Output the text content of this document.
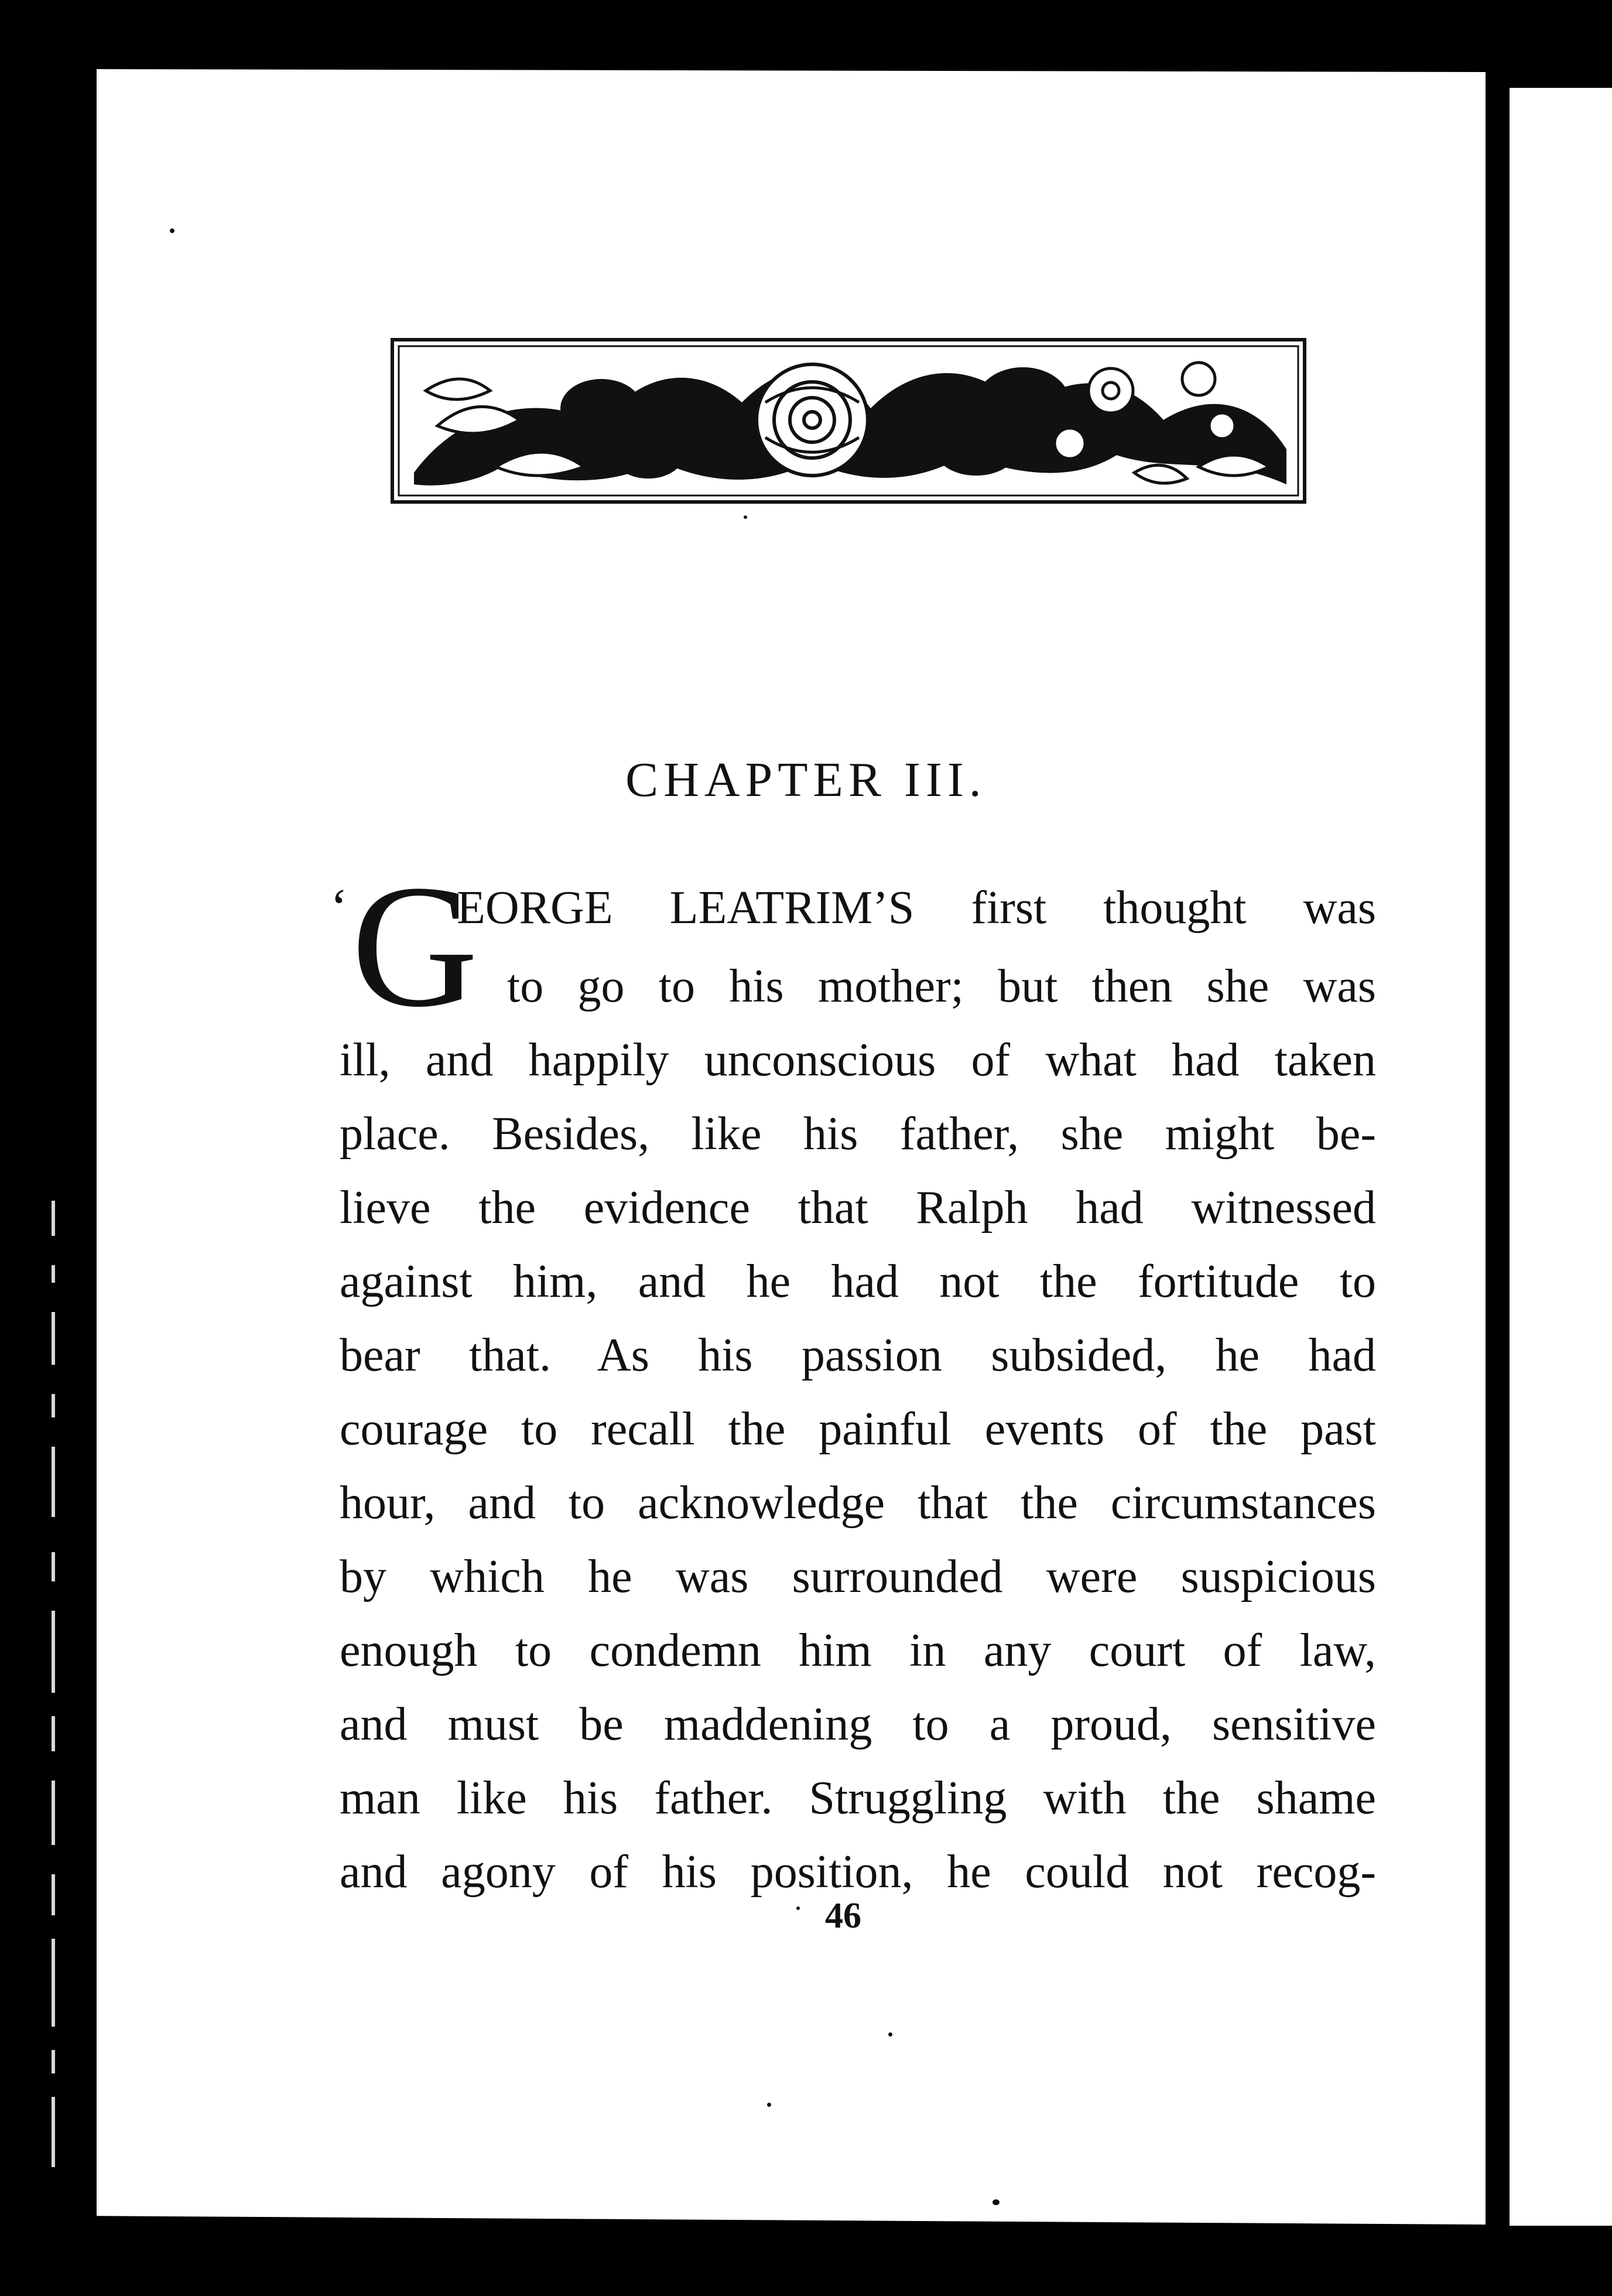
CHAPTER III.
‘ G
EORGE LEATRIM’S first thought was
to go to his mother; but then she was
ill, and happily unconscious of what had taken
place. Besides, like his father, she might be-
lieve the evidence that Ralph had witnessed
against him, and he had not the fortitude to
bear that. As his passion subsided, he had
courage to recall the painful events of the past
hour, and to acknowledge that the circumstances
by which he was surrounded were suspicious
enough to condemn him in any court of law,
and must be maddening to a proud, sensitive
man like his father. Struggling with the shame
and agony of his position, he could not recog-
46
